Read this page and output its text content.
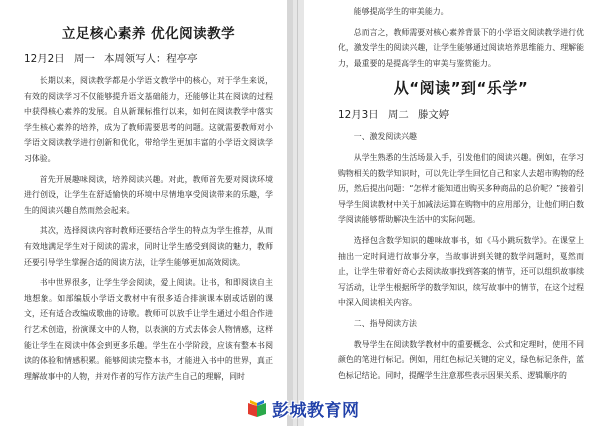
立足核心素养 优化阅读教学
12月2日 周一 本周领写人：程亭亭

长期以来，阅读教学都是小学语文教学中的核心，对于学生来说，有效的阅读学习不仅能够提升语文基础能力，还能够让其在阅读的过程中获得核心素养的发展。自从新课标推行以来，如何在阅读教学中落实学生核心素养的培养，成为了教师需要思考的问题。这就需要教师对小学语文阅读教学进行创新和优化，带给学生更加丰富的小学语文阅读学习体验。

首先开展趣味阅读，培养阅读兴趣。对此，教师首先要对阅读环境进行创设，让学生在舒适愉快的环境中尽情地享受阅读带来的乐趣，学生的阅读兴趣自然而然会起来。

其次，选择阅读内容时教师还要结合学生的特点为学生推荐，从而有效地满足学生对于阅读的需求，同时让学生感受到阅读的魅力，教师还要引导学生掌握合适的阅读方法，让学生能够更加高效阅读。

书中世界很多，让学生学会阅读，爱上阅读。让书，和即阅读自主地想象。如部编版小学语文教材中有很多适合排演课本剧或话剧的课文，还有适合改编成歌曲的诗歌。教师可以放手让学生通过小组合作进行艺术创造，扮演课文中的人物，以表演的方式去体会人物情感，这样能让学生在阅读中体会到更多乐趣。学生在小学阶段，应该有整本书阅读的体验和情感积累。能够阅读完整本书，才能进入书中的世界，真正理解故事中的人物，并对作者的写作方法产生自己的理解，同时

能够提高学生的审美能力。

总而言之，教师需要对核心素养背景下的小学语文阅读教学进行优化，激发学生的阅读兴趣，让学生能够通过阅读培养思维能力、理解能力，最重要的是提高学生的审美与鉴赏能力。

从“阅读”到“乐学”
12月3日 周二 滕文婷
一、激发阅读兴趣

从学生熟悉的生活场景入手，引发他们的阅读兴趣。例如，在学习购物相关的数学知识时，可以先让学生回忆自己和家人去超市购物的经历，然后提出问题：“怎样才能知道出购买多种商品的总价呢？”接着引导学生阅读教材中关于加减法运算在购物中的应用部分，让他们明白数学阅读能够帮助解决生活中的实际问题。

选择包含数学知识的趣味故事书，如《马小跳玩数学》。在课堂上抽出一定时间进行故事分享，当故事讲到关键的数学问题时，戛然而止，让学生带着好奇心去阅读故事找到答案的情节，还可以组织故事续写活动，让学生根据所学的数学知识，续写故事中的情节，在这个过程中深入阅读相关内容。

二、指导阅读方法

教导学生在阅读数学教材中的重要概念、公式和定理时，使用不同颜色的笔进行标记。例如，用红色标记关键的定义，绿色标记条件，蓝色标记结论。同时，提醒学生注意那些表示因果关系、逻辑顺序的

彭城教育网
